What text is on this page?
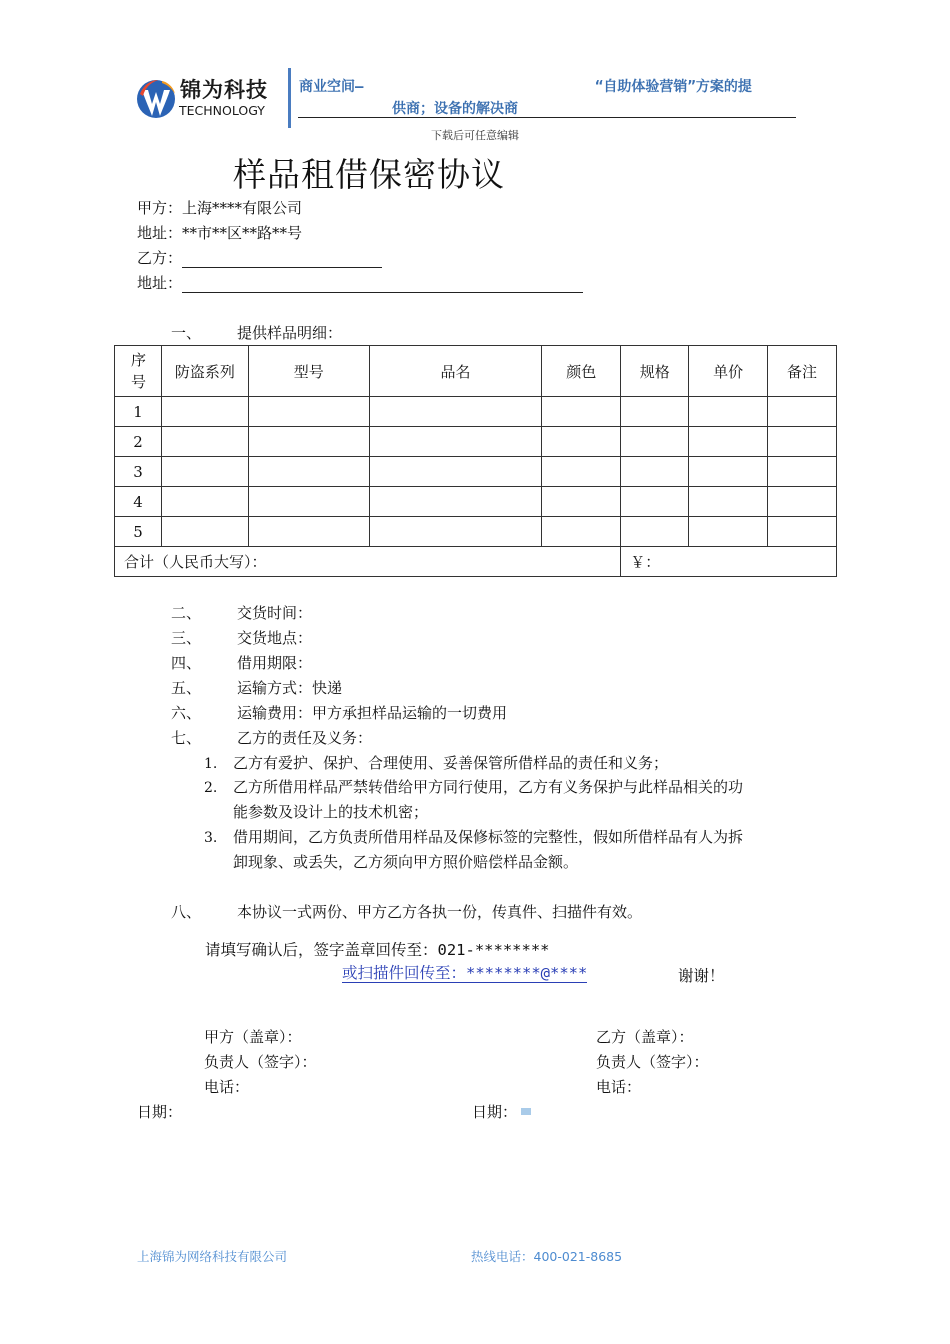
锦为科技
TECHNOLOGY
商业空间—	“自助体验营销”方案的提
供商；设备的解决商
下载后可任意编辑
样品租借保密协议
甲方：上海****有限公司
地址：**市**区**路**号
乙方：
地址：
一、 提供样品明细：
序号	防盗系列	型号	品名	颜色	规格	单价	备注
1							
2							
3							
4							
5							
合计（人民币大写）：					￥：		
二、 交货时间：
三、 交货地点：
四、 借用期限：
五、 运输方式：快递
六、 运输费用：甲方承担样品运输的一切费用
七、 乙方的责任及义务：
1. 乙方有爱护、保护、合理使用、妥善保管所借样品的责任和义务；
2. 乙方所借用样品严禁转借给甲方同行使用，乙方有义务保护与此样品相关的功
能参数及设计上的技术机密；
3. 借用期间，乙方负责所借用样品及保修标签的完整性，假如所借样品有人为拆
卸现象、或丢失，乙方须向甲方照价赔偿样品金额。
八、 本协议一式两份、甲方乙方各执一份，传真件、扫描件有效。
请填写确认后，签字盖章回传至：021-********
或扫描件回传至：********@****	谢谢！
甲方（盖章）：
负责人（签字）：
电话：
乙方（盖章）：
负责人（签字）：
电话：
日期：	日期：
上海锦为网络科技有限公司	热线电话：400-021-8685
